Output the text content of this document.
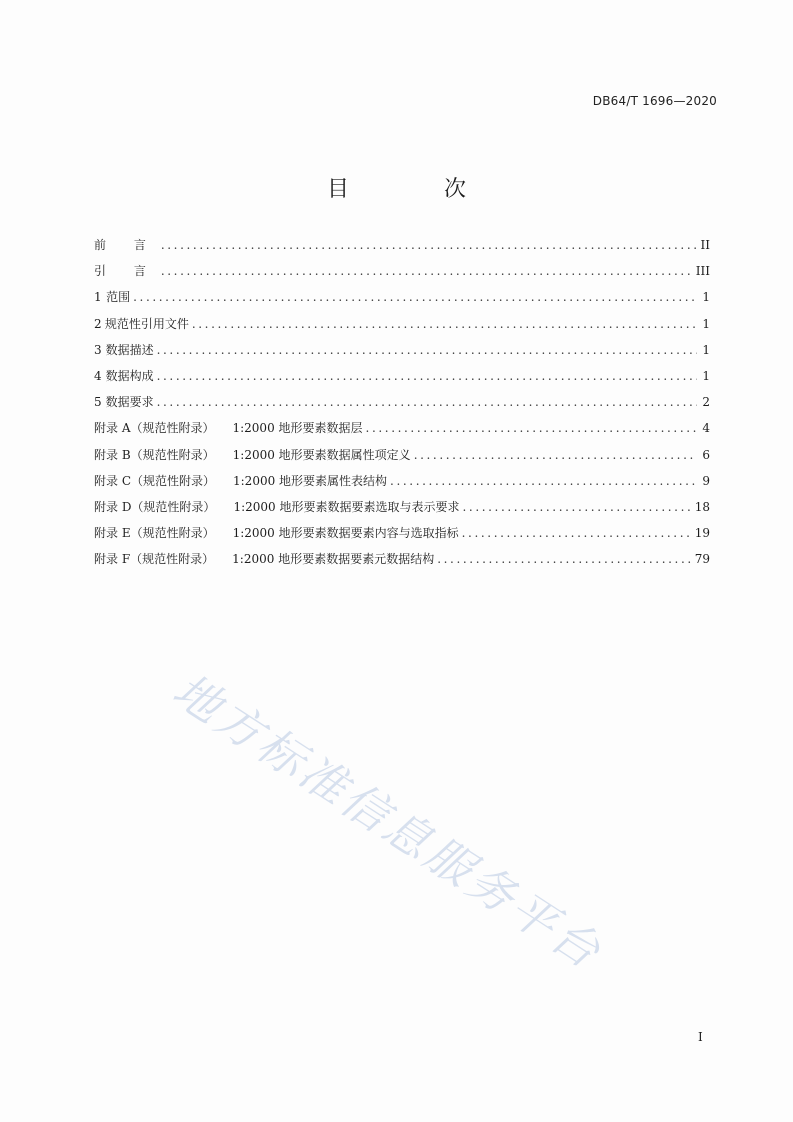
DB64/T 1696—2020
目 次
前 言 .....	II
引 言 .....	III
1 范围 .....	1
2 规范性引用文件 .....	1
3 数据描述 .....	1
4 数据构成 .....	1
5 数据要求 .....	2
附录 A（规范性附录） 1:2000 地形要素数据层 .....	4
附录 B（规范性附录） 1:2000 地形要素数据属性项定义 .....	6
附录 C（规范性附录） 1:2000 地形要素属性表结构 .....	9
附录 D（规范性附录） 1:2000 地形要素数据要素选取与表示要求 .....	18
附录 E（规范性附录） 1:2000 地形要素数据要素内容与选取指标 .....	19
附录 F（规范性附录） 1:2000 地形要素数据要素元数据结构 .....	79
I
地方标准信息服务平台
